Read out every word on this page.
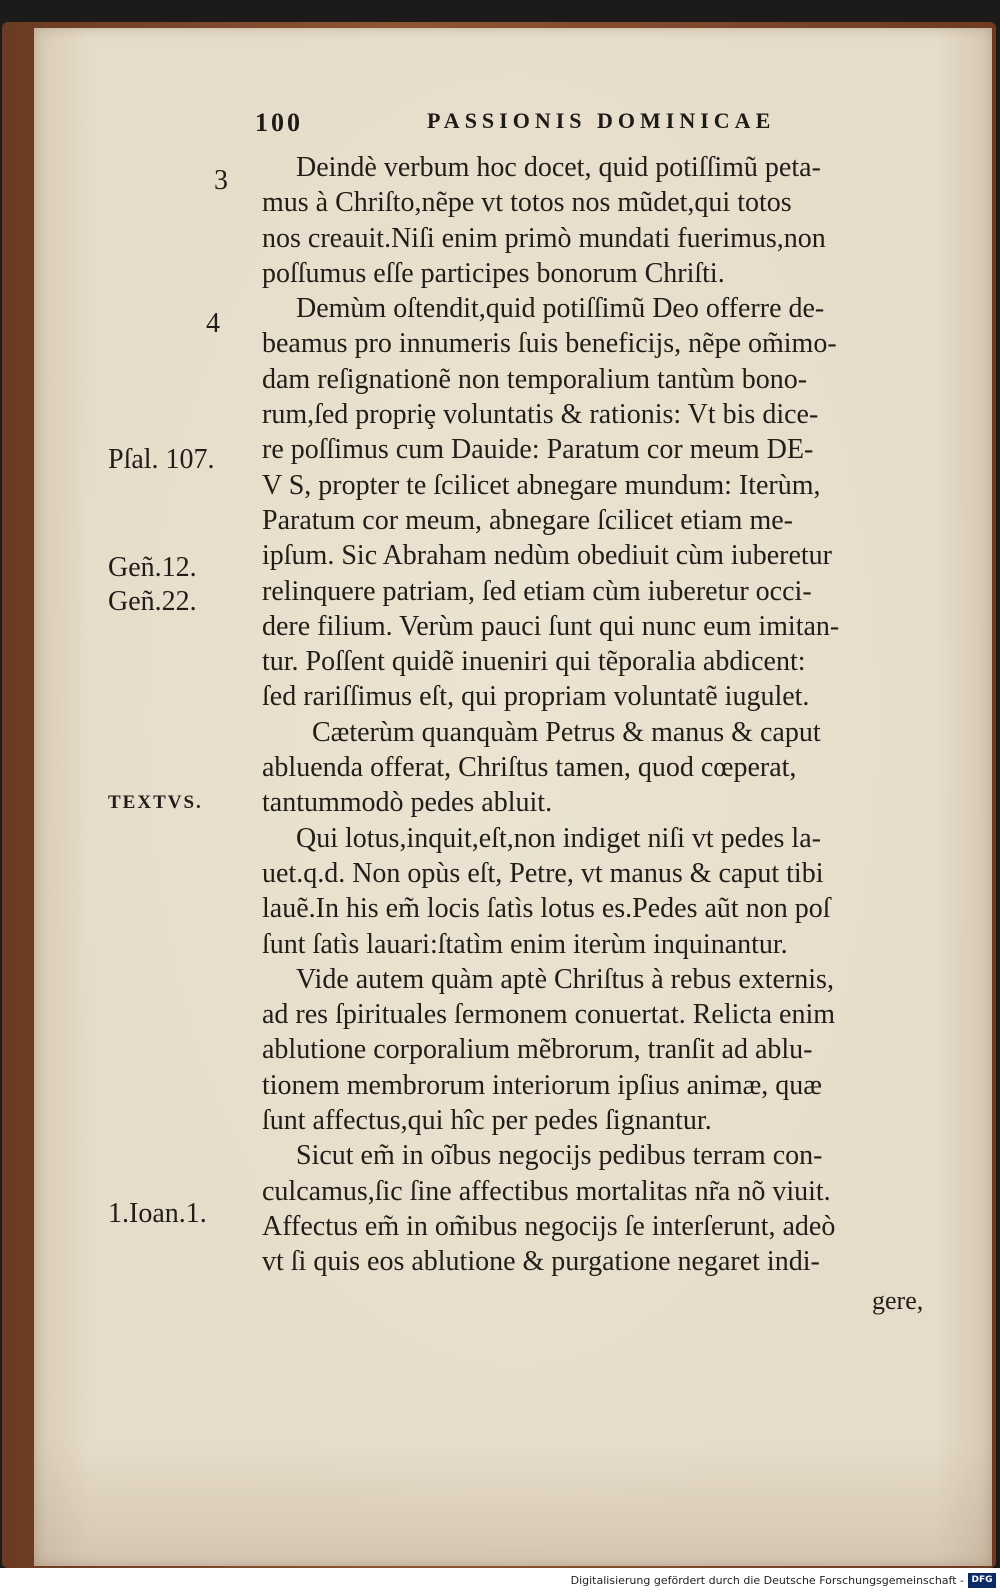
100	PASSIONIS DOMINICAE
3
4
Pſal. 107.
Geñ.12.
Geñ.22.
TEXTVS.
1.Ioan.1.
Deindè verbum hoc docet, quid potiſſimũ peta-
mus à Chriſto,nẽpe vt totos nos mũdet,qui totos
nos creauit.Niſi enim primò mundati fuerimus,non
poſſumus eſſe participes bonorum Chriſti.
Demùm oſtendit,quid potiſſimũ Deo offerre de-
beamus pro innumeris ſuis beneficijs, nẽpe om̃imo-
dam reſignationẽ non temporalium tantùm bono-
rum,ſed propriȩ voluntatis & rationis: Vt bis dice-
re poſſimus cum Dauide: Paratum cor meum DE-
V S, propter te ſcilicet abnegare mundum: Iterùm,
Paratum cor meum, abnegare ſcilicet etiam me-
ipſum. Sic Abraham nedùm obediuit cùm iuberetur
relinquere patriam, ſed etiam cùm iuberetur occi-
dere filium. Verùm pauci ſunt qui nunc eum imitan-
tur. Poſſent quidẽ inueniri qui tẽporalia abdicent:
ſed rariſſimus eſt, qui propriam voluntatẽ iugulet.
Cæterùm quanquàm Petrus & manus & caput
abluenda offerat, Chriſtus tamen, quod cœperat,
tantummodò pedes abluit.
Qui lotus,inquit,eſt,non indiget niſi vt pedes la-
uet.q.d. Non opùs eſt, Petre, vt manus & caput tibi
lauẽ.In his em̃ locis ſatìs lotus es.Pedes aũt non poſ
ſunt ſatìs lauari:ſtatìm enim iterùm inquinantur.
Vide autem quàm aptè Chriſtus à rebus externis,
ad res ſpirituales ſermonem conuertat. Relicta enim
ablutione corporalium mẽbrorum, tranſit ad ablu-
tionem membrorum interiorum ipſius animæ, quæ
ſunt affectus,qui hîc per pedes ſignantur.
Sicut em̃ in oĩbus negocijs pedibus terram con-
culcamus,ſic ſine affectibus mortalitas nr̃a nõ viuit.
Affectus em̃ in om̃ibus negocijs ſe interſerunt, adeò
vt ſi quis eos ablutione & purgatione negaret indi-
gere,
Digitalisierung gefördert durch die Deutsche Forschungsgemeinschaft - DFG
